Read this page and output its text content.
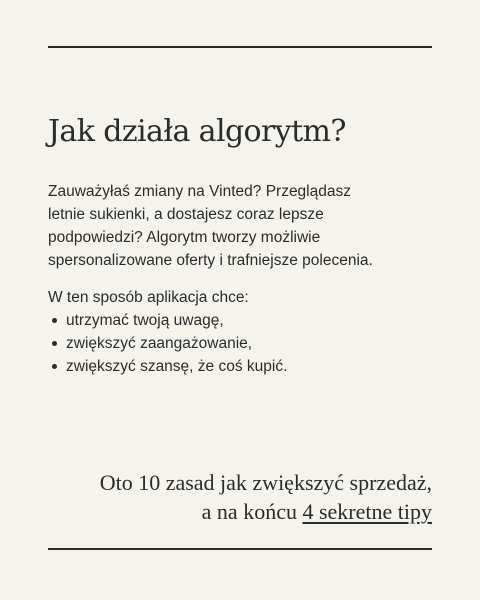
Jak działa algorytm?
Zauważyłaś zmiany na Vinted? Przeglądasz
letnie sukienki, a dostajesz coraz lepsze
podpowiedzi? Algorytm tworzy możliwie
spersonalizowane oferty i trafniejsze polecenia.
W ten sposób aplikacja chce:
utrzymać twoją uwagę,
zwiększyć zaangażowanie,
zwiększyć szansę, że coś kupić.
Oto 10 zasad jak zwiększyć sprzedaż,
a na końcu 4 sekretne tipy
